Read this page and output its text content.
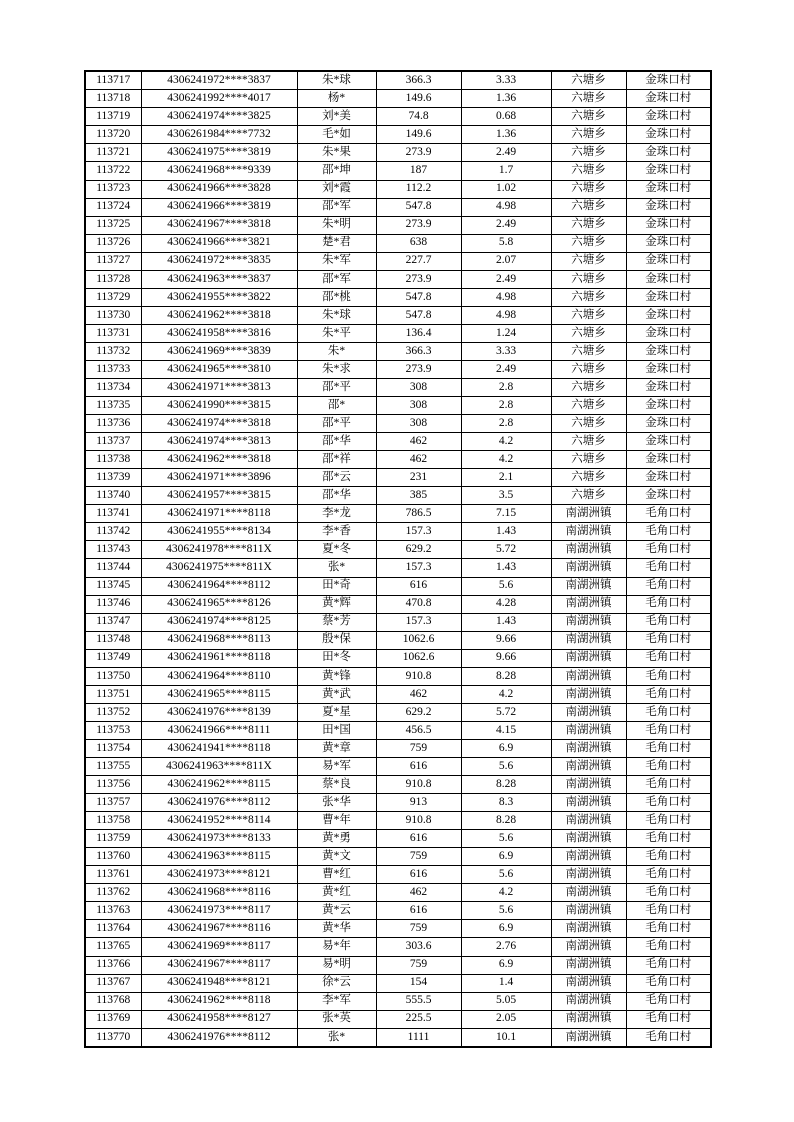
113717	4306241972****3837	朱*球	366.3	3.33	六塘乡	金珠口村
113718	4306241992****4017	杨*	149.6	1.36	六塘乡	金珠口村
113719	4306241974****3825	刘*美	74.8	0.68	六塘乡	金珠口村
113720	4306261984****7732	毛*如	149.6	1.36	六塘乡	金珠口村
113721	4306241975****3819	朱*果	273.9	2.49	六塘乡	金珠口村
113722	4306241968****9339	邵*坤	187	1.7	六塘乡	金珠口村
113723	4306241966****3828	刘*霞	112.2	1.02	六塘乡	金珠口村
113724	4306241966****3819	邵*军	547.8	4.98	六塘乡	金珠口村
113725	4306241967****3818	朱*明	273.9	2.49	六塘乡	金珠口村
113726	4306241966****3821	楚*君	638	5.8	六塘乡	金珠口村
113727	4306241972****3835	朱*军	227.7	2.07	六塘乡	金珠口村
113728	4306241963****3837	邵*军	273.9	2.49	六塘乡	金珠口村
113729	4306241955****3822	邵*桃	547.8	4.98	六塘乡	金珠口村
113730	4306241962****3818	朱*球	547.8	4.98	六塘乡	金珠口村
113731	4306241958****3816	朱*平	136.4	1.24	六塘乡	金珠口村
113732	4306241969****3839	朱*	366.3	3.33	六塘乡	金珠口村
113733	4306241965****3810	朱*求	273.9	2.49	六塘乡	金珠口村
113734	4306241971****3813	邵*平	308	2.8	六塘乡	金珠口村
113735	4306241990****3815	邵*	308	2.8	六塘乡	金珠口村
113736	4306241974****3818	邵*平	308	2.8	六塘乡	金珠口村
113737	4306241974****3813	邵*华	462	4.2	六塘乡	金珠口村
113738	4306241962****3818	邵*祥	462	4.2	六塘乡	金珠口村
113739	4306241971****3896	邵*云	231	2.1	六塘乡	金珠口村
113740	4306241957****3815	邵*华	385	3.5	六塘乡	金珠口村
113741	4306241971****8118	李*龙	786.5	7.15	南湖洲镇	毛角口村
113742	4306241955****8134	李*香	157.3	1.43	南湖洲镇	毛角口村
113743	4306241978****811X	夏*冬	629.2	5.72	南湖洲镇	毛角口村
113744	4306241975****811X	张*	157.3	1.43	南湖洲镇	毛角口村
113745	4306241964****8112	田*奇	616	5.6	南湖洲镇	毛角口村
113746	4306241965****8126	黄*辉	470.8	4.28	南湖洲镇	毛角口村
113747	4306241974****8125	蔡*芳	157.3	1.43	南湖洲镇	毛角口村
113748	4306241968****8113	殷*保	1062.6	9.66	南湖洲镇	毛角口村
113749	4306241961****8118	田*冬	1062.6	9.66	南湖洲镇	毛角口村
113750	4306241964****8110	黄*锋	910.8	8.28	南湖洲镇	毛角口村
113751	4306241965****8115	黄*武	462	4.2	南湖洲镇	毛角口村
113752	4306241976****8139	夏*星	629.2	5.72	南湖洲镇	毛角口村
113753	4306241966****8111	田*国	456.5	4.15	南湖洲镇	毛角口村
113754	4306241941****8118	黄*章	759	6.9	南湖洲镇	毛角口村
113755	4306241963****811X	易*军	616	5.6	南湖洲镇	毛角口村
113756	4306241962****8115	蔡*良	910.8	8.28	南湖洲镇	毛角口村
113757	4306241976****8112	张*华	913	8.3	南湖洲镇	毛角口村
113758	4306241952****8114	曹*年	910.8	8.28	南湖洲镇	毛角口村
113759	4306241973****8133	黄*勇	616	5.6	南湖洲镇	毛角口村
113760	4306241963****8115	黄*文	759	6.9	南湖洲镇	毛角口村
113761	4306241973****8121	曹*红	616	5.6	南湖洲镇	毛角口村
113762	4306241968****8116	黄*红	462	4.2	南湖洲镇	毛角口村
113763	4306241973****8117	黄*云	616	5.6	南湖洲镇	毛角口村
113764	4306241967****8116	黄*华	759	6.9	南湖洲镇	毛角口村
113765	4306241969****8117	易*年	303.6	2.76	南湖洲镇	毛角口村
113766	4306241967****8117	易*明	759	6.9	南湖洲镇	毛角口村
113767	4306241948****8121	徐*云	154	1.4	南湖洲镇	毛角口村
113768	4306241962****8118	李*军	555.5	5.05	南湖洲镇	毛角口村
113769	4306241958****8127	张*英	225.5	2.05	南湖洲镇	毛角口村
113770	4306241976****8112	张*	1111	10.1	南湖洲镇	毛角口村
